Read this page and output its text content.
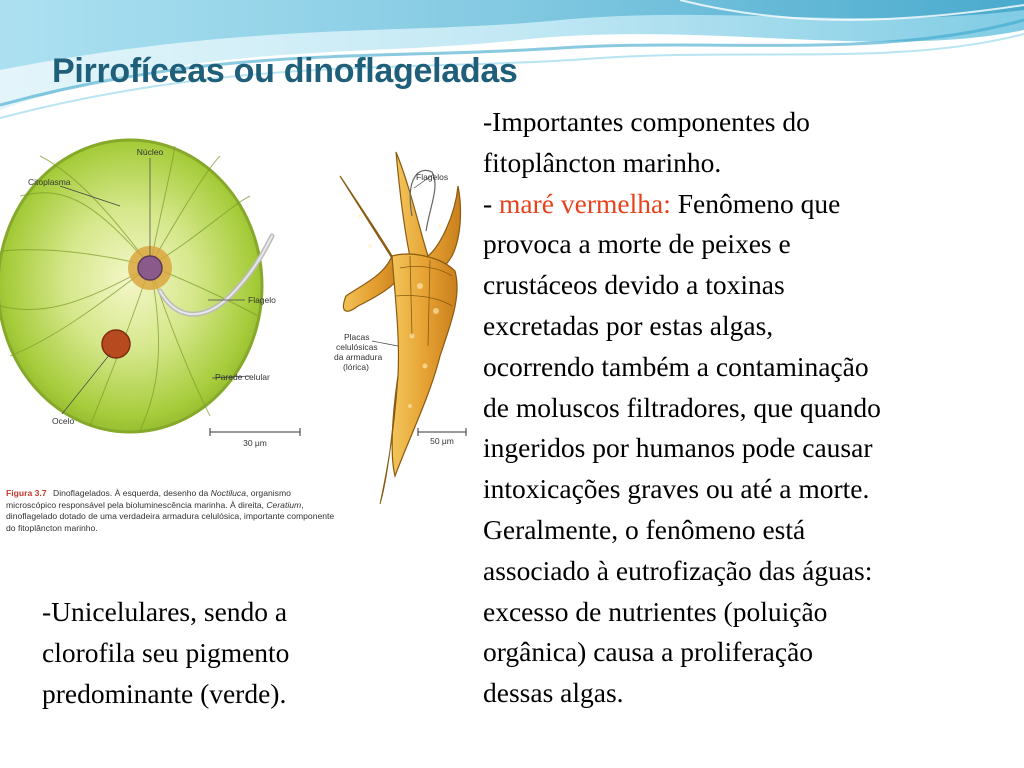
Pirrofíceas ou dinoflageladas
Núcleo
Citoplasma
Flagelo
Parede celular
Ocelo
30 μm
Flagelos
Placas
celulósicas
da armadura
(lórica)
50 μm
Figura 3.7 Dinoflagelados. À esquerda, desenho da Noctiluca, organismo microscópico responsável pela bioluminescência marinha. À direita, Ceratium, dinoflagelado dotado de uma verdadeira armadura celulósica, importante componente do fitoplâncton marinho.
-Importantes componentes do
fitoplâncton marinho.
- maré vermelha: Fenômeno que
provoca a morte de peixes e
crustáceos devido a toxinas
excretadas por estas algas,
ocorrendo também a contaminação
de moluscos filtradores, que quando
ingeridos por humanos pode causar
intoxicações graves ou até a morte.
Geralmente, o fenômeno está
associado à eutrofização das águas:
excesso de nutrientes (poluição
orgânica) causa a proliferação
dessas algas.
-Unicelulares, sendo a
clorofila seu pigmento
predominante (verde).
